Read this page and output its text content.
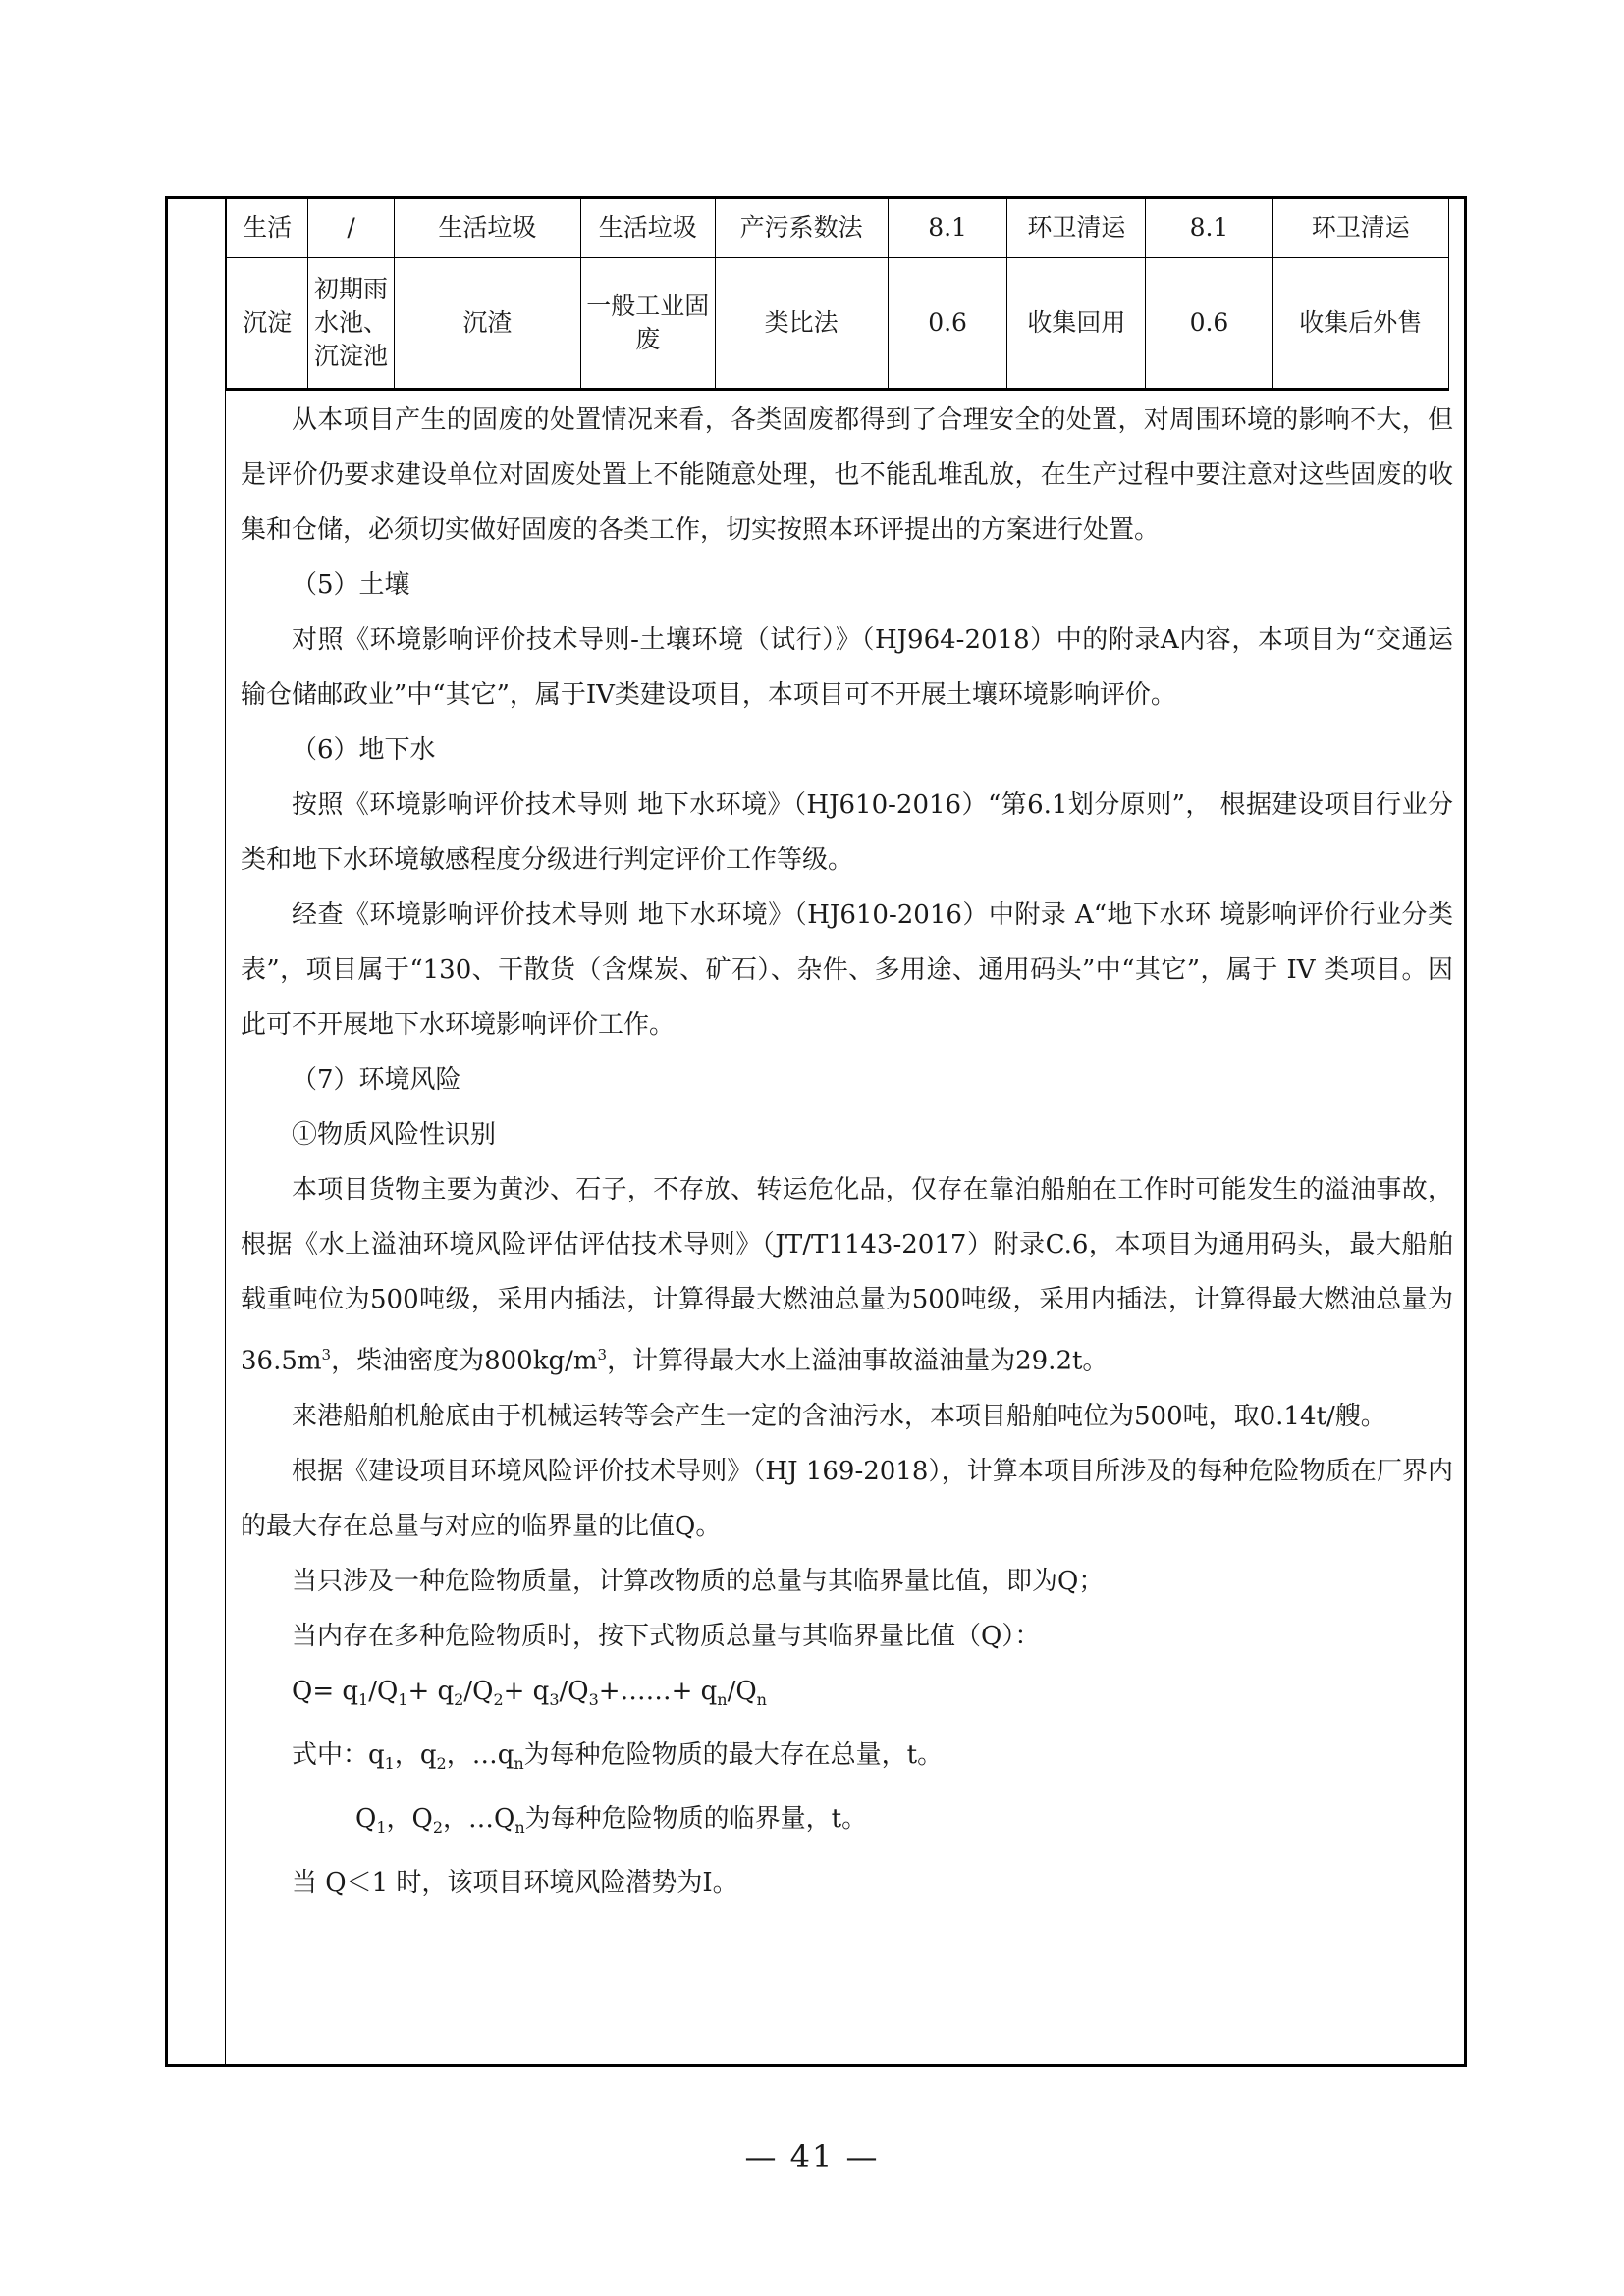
生活	/	生活垃圾	生活垃圾	产污系数法	8.1	环卫清运	8.1	环卫清运
沉淀	初期雨水池、沉淀池	沉渣	一般工业固废	类比法	0.6	收集回用	0.6	收集后外售

从本项目产生的固废的处置情况来看，各类固废都得到了合理安全的处置，对周围环境的影响不大，但是评价仍要求建设单位对固废处置上不能随意处理，也不能乱堆乱放，在生产过程中要注意对这些固废的收集和仓储，必须切实做好固废的各类工作，切实按照本环评提出的方案进行处置。

（5）土壤

对照《环境影响评价技术导则-土壤环境（试行）》（HJ964-2018）中的附录A内容，本项目为“交通运输仓储邮政业”中“其它”，属于IV类建设项目，本项目可不开展土壤环境影响评价。

（6）地下水

按照《环境影响评价技术导则 地下水环境》（HJ610-2016）“第6.1划分原则”， 根据建设项目行业分类和地下水环境敏感程度分级进行判定评价工作等级。

经查《环境影响评价技术导则 地下水环境》（HJ610-2016）中附录 A“地下水环 境影响评价行业分类表”，项目属于“130、干散货（含煤炭、矿石）、杂件、多用途、通用码头”中“其它”，属于 IV 类项目。因此可不开展地下水环境影响评价工作。

（7）环境风险

①物质风险性识别

本项目货物主要为黄沙、石子，不存放、转运危化品，仅存在靠泊船舶在工作时可能发生的溢油事故，根据《水上溢油环境风险评估评估技术导则》（JT/T1143-2017）附录C.6，本项目为通用码头，最大船舶载重吨位为500吨级，采用内插法，计算得最大燃油总量为500吨级，采用内插法，计算得最大燃油总量为$36.5m^3$，柴油密度为$800kg/m^3$，计算得最大水上溢油事故溢油量为29.2t。

来港船舶机舱底由于机械运转等会产生一定的含油污水，本项目船舶吨位为500吨，取0.14t/艘。

根据《建设项目环境风险评价技术导则》（HJ 169-2018），计算本项目所涉及的每种危险物质在厂界内的最大存在总量与对应的临界量的比值Q。

当只涉及一种危险物质量，计算改物质的总量与其临界量比值，即为Q；

当内存在多种危险物质时，按下式物质总量与其临界量比值（Q）：

$Q= q_1/Q_1+ q_2/Q_2+$ $q_3/Q_3+\dots\dots+ q_n/Q_n$

式中：$q_1$，$q_2$，$\dots q_n$为每种危险物质的最大存在总量，t。

$Q_1$，$Q_2$，$\dots Q_n$为每种危险物质的临界量，t。

当 Q＜1 时，该项目环境风险潜势为Ⅰ。

— 41 —
